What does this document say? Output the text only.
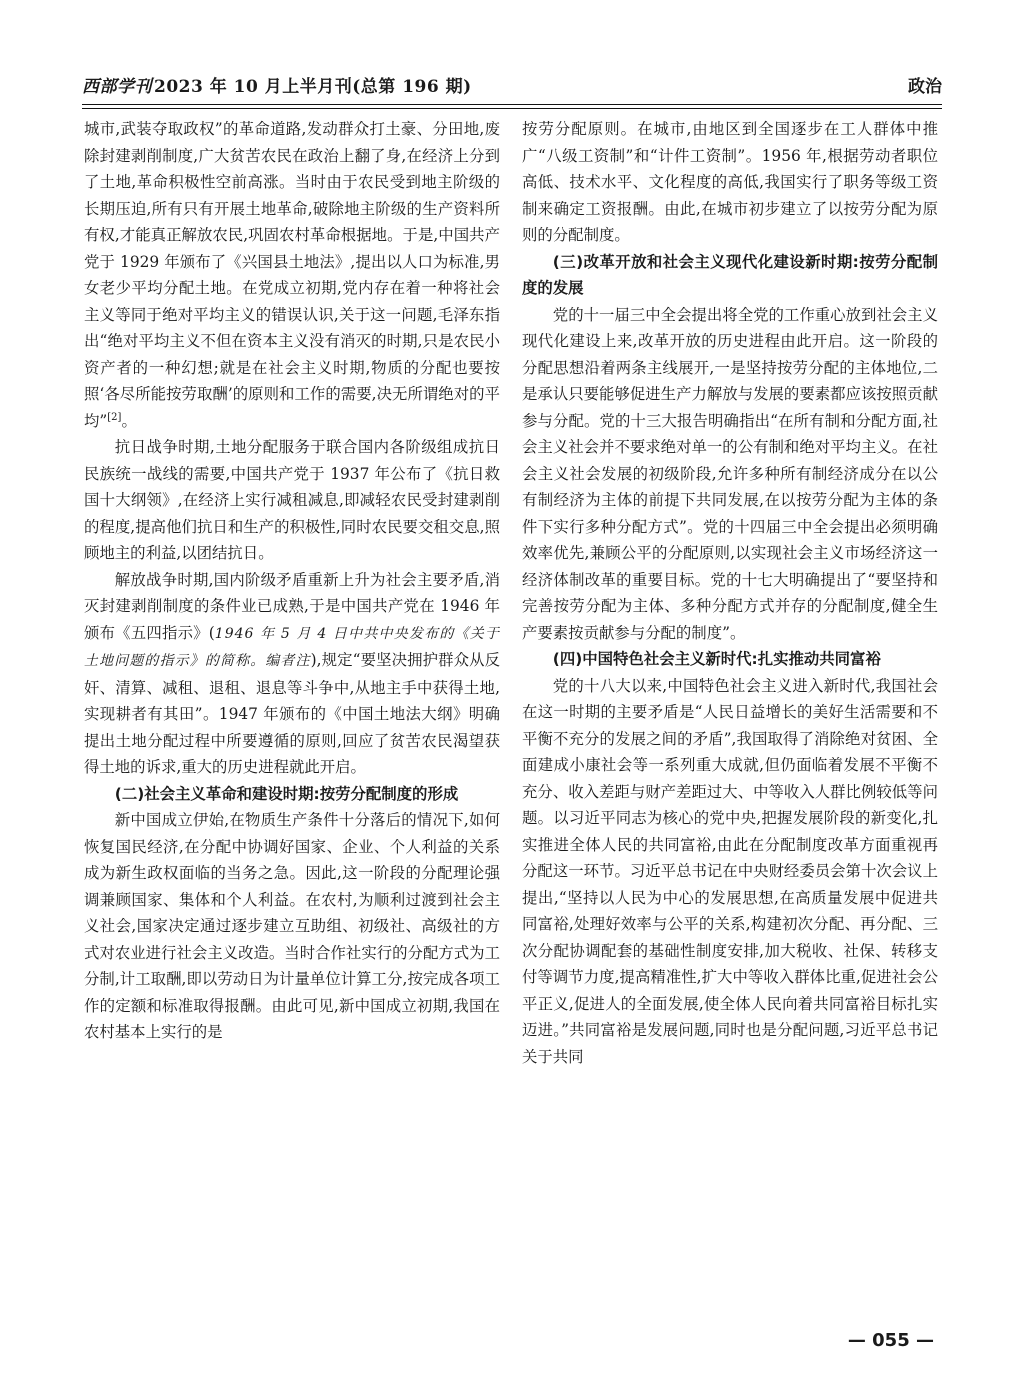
西部学刊 2023 年 10 月上半月刊(总第 196 期)	政治

城市,武装夺取政权”的革命道路,发动群众打土豪、分田地,废除封建剥削制度,广大贫苦农民在政治上翻了身,在经济上分到了土地,革命积极性空前高涨。当时由于农民受到地主阶级的长期压迫,所有只有开展土地革命,破除地主阶级的生产资料所有权,才能真正解放农民,巩固农村革命根据地。于是,中国共产党于 1929 年颁布了《兴国县土地法》,提出以人口为标准,男女老少平均分配土地。在党成立初期,党内存在着一种将社会主义等同于绝对平均主义的错误认识,关于这一问题,毛泽东指出“绝对平均主义不但在资本主义没有消灭的时期,只是农民小资产者的一种幻想;就是在社会主义时期,物质的分配也要按照‘各尽所能按劳取酬’的原则和工作的需要,决无所谓绝对的平均”[2]。

抗日战争时期,土地分配服务于联合国内各阶级组成抗日民族统一战线的需要,中国共产党于 1937 年公布了《抗日救国十大纲领》,在经济上实行减租减息,即减轻农民受封建剥削的程度,提高他们抗日和生产的积极性,同时农民要交租交息,照顾地主的利益,以团结抗日。

解放战争时期,国内阶级矛盾重新上升为社会主要矛盾,消灭封建剥削制度的条件业已成熟,于是中国共产党在 1946 年颁布《五四指示》(1946 年 5 月 4 日中共中央发布的《关于土地问题的指示》的简称。编者注),规定“要坚决拥护群众从反奸、清算、减租、退租、退息等斗争中,从地主手中获得土地,实现耕者有其田”。1947 年颁布的《中国土地法大纲》明确提出土地分配过程中所要遵循的原则,回应了贫苦农民渴望获得土地的诉求,重大的历史进程就此开启。

(二)社会主义革命和建设时期:按劳分配制度的形成

新中国成立伊始,在物质生产条件十分落后的情况下,如何恢复国民经济,在分配中协调好国家、企业、个人利益的关系成为新生政权面临的当务之急。因此,这一阶段的分配理论强调兼顾国家、集体和个人利益。在农村,为顺利过渡到社会主义社会,国家决定通过逐步建立互助组、初级社、高级社的方式对农业进行社会主义改造。当时合作社实行的分配方式为工分制,计工取酬,即以劳动日为计量单位计算工分,按完成各项工作的定额和标准取得报酬。由此可见,新中国成立初期,我国在农村基本上实行的是

按劳分配原则。在城市,由地区到全国逐步在工人群体中推广“八级工资制”和“计件工资制”。1956 年,根据劳动者职位高低、技术水平、文化程度的高低,我国实行了职务等级工资制来确定工资报酬。由此,在城市初步建立了以按劳分配为原则的分配制度。

(三)改革开放和社会主义现代化建设新时期:按劳分配制度的发展

党的十一届三中全会提出将全党的工作重心放到社会主义现代化建设上来,改革开放的历史进程由此开启。这一阶段的分配思想沿着两条主线展开,一是坚持按劳分配的主体地位,二是承认只要能够促进生产力解放与发展的要素都应该按照贡献参与分配。党的十三大报告明确指出“在所有制和分配方面,社会主义社会并不要求绝对单一的公有制和绝对平均主义。在社会主义社会发展的初级阶段,允许多种所有制经济成分在以公有制经济为主体的前提下共同发展,在以按劳分配为主体的条件下实行多种分配方式”。党的十四届三中全会提出必须明确效率优先,兼顾公平的分配原则,以实现社会主义市场经济这一经济体制改革的重要目标。党的十七大明确提出了“要坚持和完善按劳分配为主体、多种分配方式并存的分配制度,健全生产要素按贡献参与分配的制度”。

(四)中国特色社会主义新时代:扎实推动共同富裕

党的十八大以来,中国特色社会主义进入新时代,我国社会在这一时期的主要矛盾是“人民日益增长的美好生活需要和不平衡不充分的发展之间的矛盾”,我国取得了消除绝对贫困、全面建成小康社会等一系列重大成就,但仍面临着发展不平衡不充分、收入差距与财产差距过大、中等收入人群比例较低等问题。以习近平同志为核心的党中央,把握发展阶段的新变化,扎实推进全体人民的共同富裕,由此在分配制度改革方面重视再分配这一环节。习近平总书记在中央财经委员会第十次会议上提出,“坚持以人民为中心的发展思想,在高质量发展中促进共同富裕,处理好效率与公平的关系,构建初次分配、再分配、三次分配协调配套的基础性制度安排,加大税收、社保、转移支付等调节力度,提高精准性,扩大中等收入群体比重,促进社会公平正义,促进人的全面发展,使全体人民向着共同富裕目标扎实迈进。”共同富裕是发展问题,同时也是分配问题,习近平总书记关于共同

— 055 —
